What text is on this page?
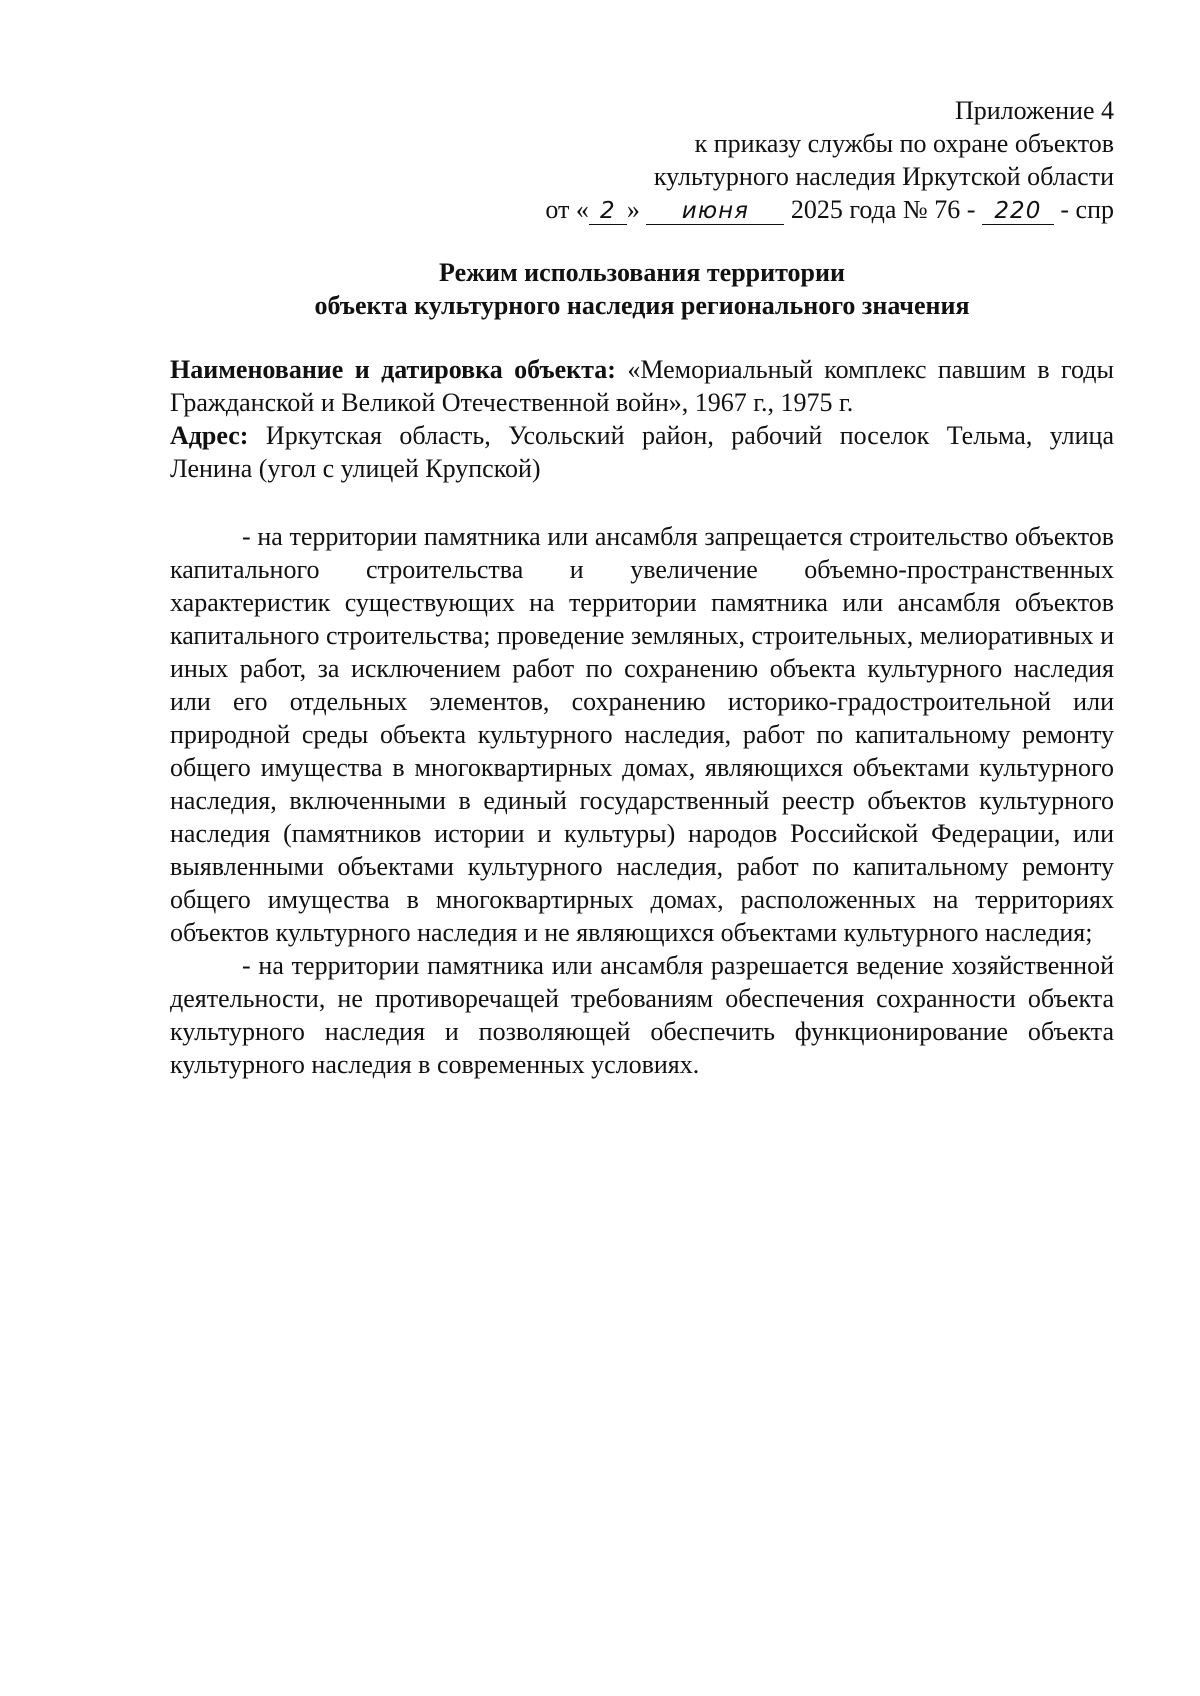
Приложение 4
к приказу службы по охране объектов
культурного наследия Иркутской области
от « 2 » июня 2025 года № 76 - 220 - спр
Режим использования территории
объекта культурного наследия регионального значения

Наименование и датировка объекта: «Мемориальный комплекс павшим в годы Гражданской и Великой Отечественной войн», 1967 г., 1975 г.

Адрес: Иркутская область, Усольский район, рабочий поселок Тельма, улица Ленина (угол с улицей Крупской)

- на территории памятника или ансамбля запрещается строительство объектов капитального строительства и увеличение объемно-пространственных характеристик существующих на территории памятника или ансамбля объектов капитального строительства; проведение земляных, строительных, мелиоративных и иных работ, за исключением работ по сохранению объекта культурного наследия или его отдельных элементов, сохранению историко-градостроительной или природной среды объекта культурного наследия, работ по капитальному ремонту общего имущества в многоквартирных домах, являющихся объектами культурного наследия, включенными в единый государственный реестр объектов культурного наследия (памятников истории и культуры) народов Российской Федерации, или выявленными объектами культурного наследия, работ по капитальному ремонту общего имущества в многоквартирных домах, расположенных на территориях объектов культурного наследия и не являющихся объектами культурного наследия;

- на территории памятника или ансамбля разрешается ведение хозяйственной деятельности, не противоречащей требованиям обеспечения сохранности объекта культурного наследия и позволяющей обеспечить функционирование объекта культурного наследия в современных условиях.
